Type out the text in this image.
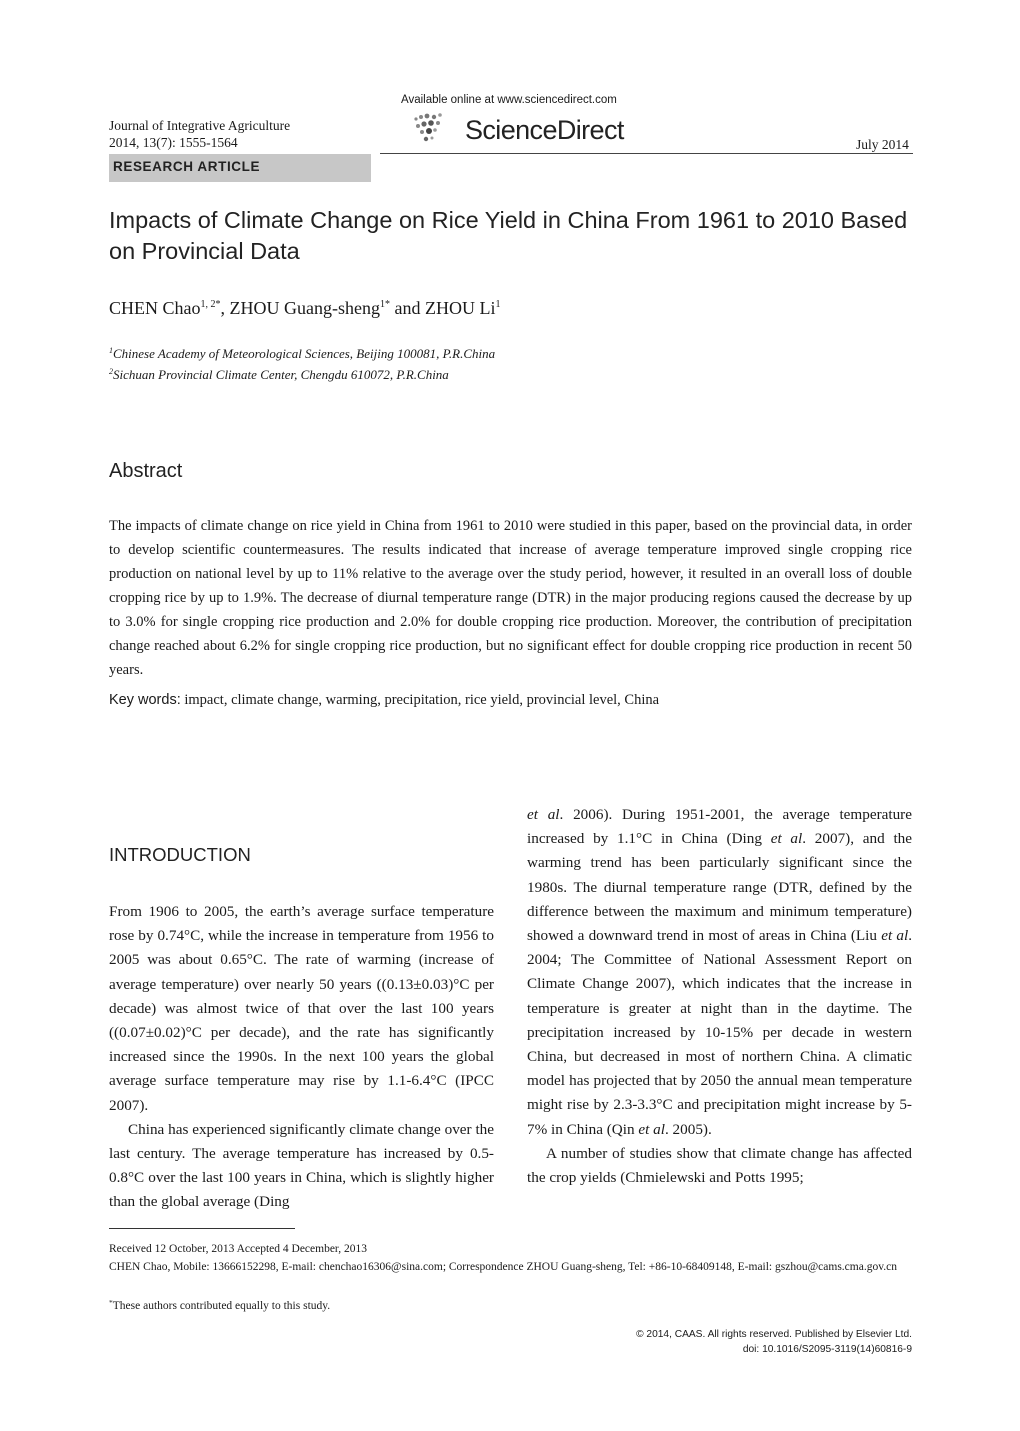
Journal of Integrative Agriculture
2014, 13(7): 1555-1564
Available online at www.sciencedirect.com
ScienceDirect	July 2014
RESEARCH ARTICLE
Impacts of Climate Change on Rice Yield in China From 1961 to 2010 Based on Provincial Data
CHEN Chao$^{1, 2*}$, ZHOU Guang-sheng$^{1*}$ and ZHOU Li$^1$
$^1$Chinese Academy of Meteorological Sciences, Beijing 100081, P.R.China
$^2$Sichuan Provincial Climate Center, Chengdu 610072, P.R.China
Abstract
The impacts of climate change on rice yield in China from 1961 to 2010 were studied in this paper, based on the provincial data, in order to develop scientific countermeasures. The results indicated that increase of average temperature improved single cropping rice production on national level by up to 11% relative to the average over the study period, however, it resulted in an overall loss of double cropping rice by up to 1.9%. The decrease of diurnal temperature range (DTR) in the major producing regions caused the decrease by up to 3.0% for single cropping rice production and 2.0% for double cropping rice production. Moreover, the contribution of precipitation change reached about 6.2% for single cropping rice production, but no significant effect for double cropping rice production in recent 50 years.
Key words: impact, climate change, warming, precipitation, rice yield, provincial level, China
INTRODUCTION

From 1906 to 2005, the earth’s average surface temperature rose by 0.74°C, while the increase in temperature from 1956 to 2005 was about 0.65°C. The rate of warming (increase of average temperature) over nearly 50 years ((0.13±0.03)°C per decade) was almost twice of that over the last 100 years ((0.07±0.02)°C per decade), and the rate has significantly increased since the 1990s. In the next 100 years the global average surface temperature may rise by 1.1-6.4°C (IPCC 2007).

China has experienced significantly climate change over the last century. The average temperature has increased by 0.5-0.8°C over the last 100 years in China, which is slightly higher than the global average (Ding

et al. 2006). During 1951-2001, the average temperature increased by 1.1°C in China (Ding et al. 2007), and the warming trend has been particularly significant since the 1980s. The diurnal temperature range (DTR, defined by the difference between the maximum and minimum temperature) showed a downward trend in most of areas in China (Liu et al. 2004; The Committee of National Assessment Report on Climate Change 2007), which indicates that the increase in temperature is greater at night than in the daytime. The precipitation increased by 10-15% per decade in western China, but decreased in most of northern China. A climatic model has projected that by 2050 the annual mean temperature might rise by 2.3-3.3°C and precipitation might increase by 5-7% in China (Qin et al. 2005).

A number of studies show that climate change has affected the crop yields (Chmielewski and Potts 1995;

Received 12 October, 2013 Accepted 4 December, 2013
CHEN Chao, Mobile: 13666152298, E-mail: chenchao16306@sina.com; Correspondence ZHOU Guang-sheng, Tel: +86-10-68409148, E-mail: gszhou@cams.cma.gov.cn
*These authors contributed equally to this study.
© 2014, CAAS. All rights reserved. Published by Elsevier Ltd.
doi: 10.1016/S2095-3119(14)60816-9
